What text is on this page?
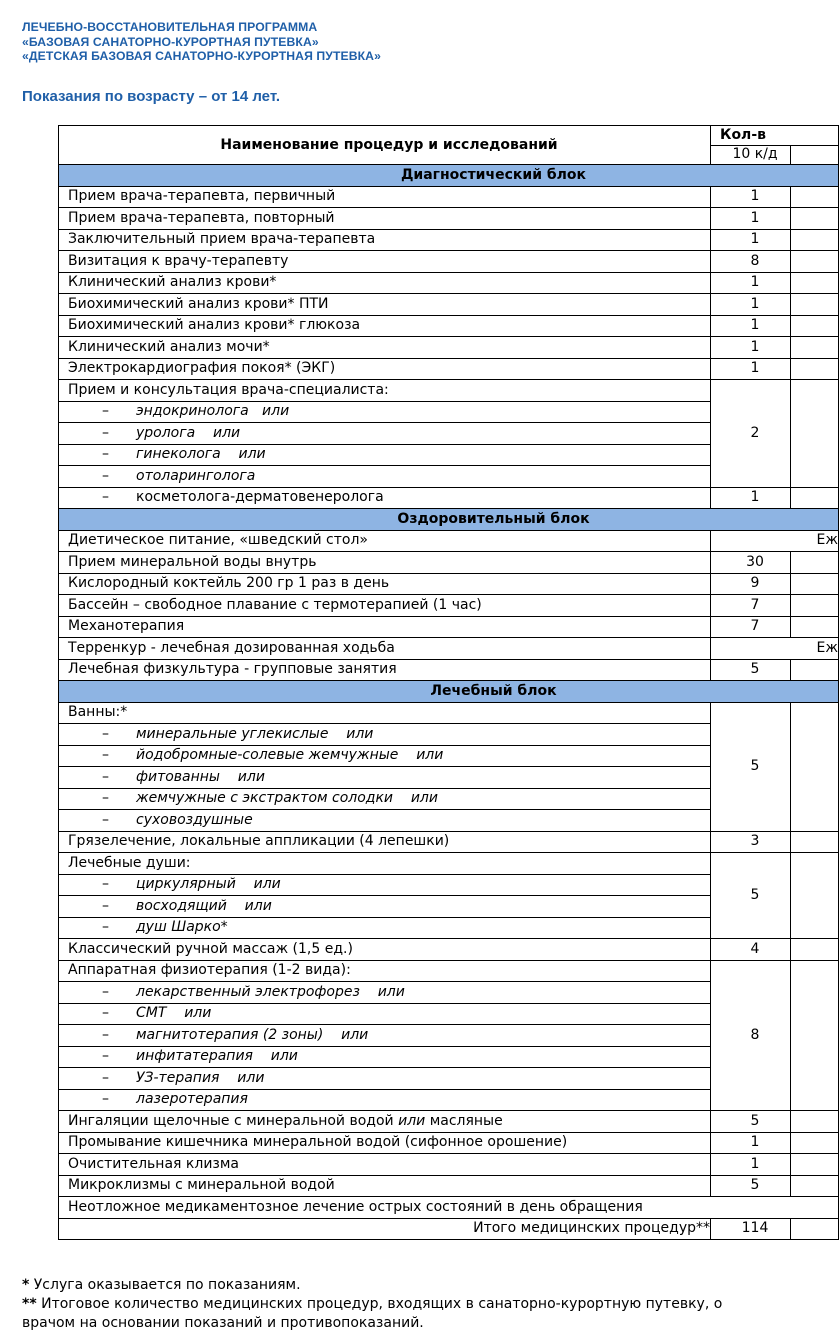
ЛЕЧЕБНО-ВОССТАНОВИТЕЛЬНАЯ ПРОГРАММА
«БАЗОВАЯ САНАТОРНО-КУРОРТНАЯ ПУТЕВКА»
«ДЕТСКАЯ БАЗОВАЯ САНАТОРНО-КУРОРТНАЯ ПУТЕВКА»
Показания по возрасту – от 14 лет.
Наименование процедур и исследований	Кол-в	
	10 к/д	
Диагностический блок		
Прием врача-терапевта, первичный	1	
Прием врача-терапевта, повторный	1	
Заключительный прием врача-терапевта	1	
Визитация к врачу-терапевту	8	
Клинический анализ крови*	1	
Биохимический анализ крови* ПТИ	1	
Биохимический анализ крови* глюкоза	1	
Клинический анализ мочи*	1	
Электрокардиография покоя* (ЭКГ)	1	
Прием и консультация врача-специалиста:	2	
– эндокринолога   или		
– уролога    или		
– гинеколога    или		
– отоларинголога		
– косметолога-дерматовенеролога	1	
Оздоровительный блок		
Диетическое питание, «шведский стол»	Еж	
Прием минеральной воды внутрь	30	
Кислородный коктейль 200 гр 1 раз в день	9	
Бассейн – свободное плавание с термотерапией (1 час)	7	
Механотерапия	7	
Терренкур - лечебная дозированная ходьба	Еж	
Лечебная физкультура - групповые занятия	5	
Лечебный блок		
Ванны:*	5	
– минеральные углекислые    или		
– йодобромные-солевые жемчужные    или		
– фитованны    или		
– жемчужные с экстрактом солодки    или		
– суховоздушные		
Грязелечение, локальные аппликации (4 лепешки)	3	
Лечебные души:	5	
– циркулярный    или		
– восходящий    или		
– душ Шарко*		
Классический ручной массаж (1,5 ед.)	4	
Аппаратная физиотерапия (1-2 вида):	8	
– лекарственный электрофорез    или		
– СМТ    или		
– магнитотерапия (2 зоны)    или		
– инфитатерапия    или		
– УЗ-терапия    или		
– лазеротерапия		
Ингаляции щелочные с минеральной водой или масляные	5	
Промывание кишечника минеральной водой (сифонное орошение)	1	
Очистительная клизма	1	
Микроклизмы с минеральной водой	5	
Неотложное медикаментозное лечение острых состояний в день обращения		
Итого медицинских процедур**	114	
* Услуга оказывается по показаниям.
** Итоговое количество медицинских процедур, входящих в санаторно-курортную путевку, о
врачом на основании показаний и противопоказаний.
